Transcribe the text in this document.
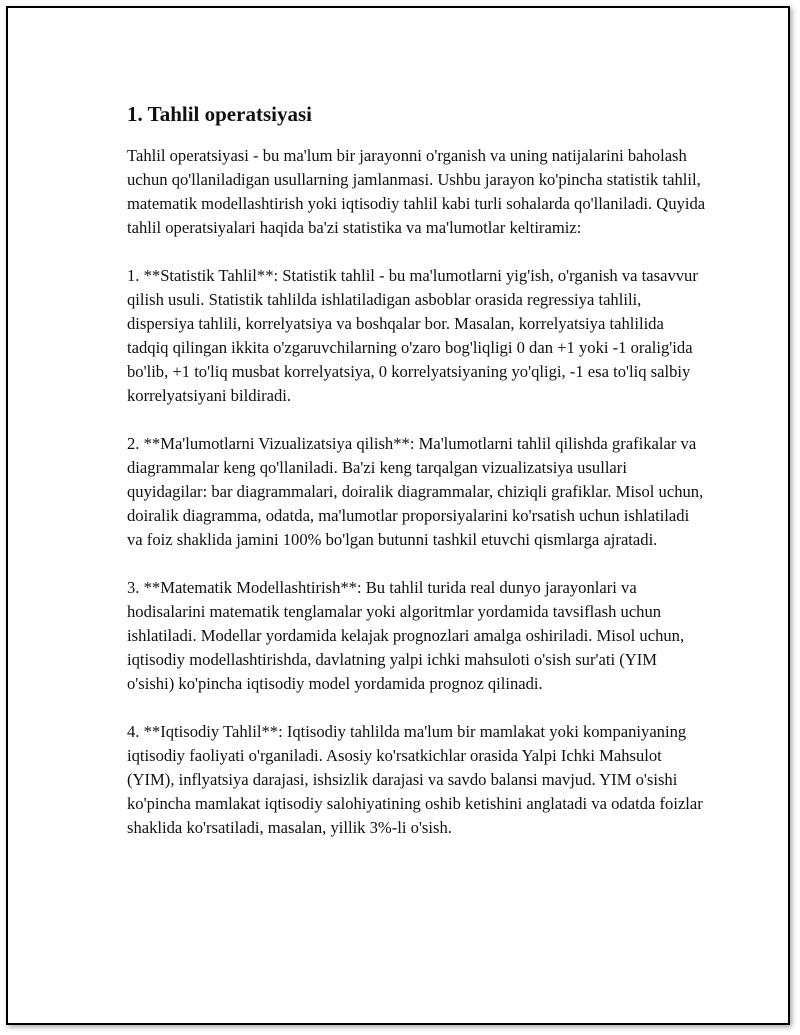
1. Tahlil operatsiyasi

Tahlil operatsiyasi - bu ma'lum bir jarayonni o'rganish va uning natijalarini baholash uchun qo'llaniladigan usullarning jamlanmasi. Ushbu jarayon ko'pincha statistik tahlil, matematik modellashtirish yoki iqtisodiy tahlil kabi turli sohalarda qo'llaniladi. Quyida tahlil operatsiyalari haqida ba'zi statistika va ma'lumotlar keltiramiz:

1. **Statistik Tahlil**: Statistik tahlil - bu ma'lumotlarni yig'ish, o'rganish va tasavvur qilish usuli. Statistik tahlilda ishlatiladigan asboblar orasida regressiya tahlili, dispersiya tahlili, korrelyatsiya va boshqalar bor. Masalan, korrelyatsiya tahlilida tadqiq qilingan ikkita o'zgaruvchilarning o'zaro bog'liqligi 0 dan +1 yoki -1 oralig'ida bo'lib, +1 to'liq musbat korrelyatsiya, 0 korrelyatsiyaning yo'qligi, -1 esa to'liq salbiy korrelyatsiyani bildiradi.

2. **Ma'lumotlarni Vizualizatsiya qilish**: Ma'lumotlarni tahlil qilishda grafikalar va diagrammalar keng qo'llaniladi. Ba'zi keng tarqalgan vizualizatsiya usullari quyidagilar: bar diagrammalari, doiralik diagrammalar, chiziqli grafiklar. Misol uchun, doiralik diagramma, odatda, ma'lumotlar proporsiyalarini ko'rsatish uchun ishlatiladi va foiz shaklida jamini 100% bo'lgan butunni tashkil etuvchi qismlarga ajratadi.

3. **Matematik Modellashtirish**: Bu tahlil turida real dunyo jarayonlari va hodisalarini matematik tenglamalar yoki algoritmlar yordamida tavsiflash uchun ishlatiladi. Modellar yordamida kelajak prognozlari amalga oshiriladi. Misol uchun, iqtisodiy modellashtirishda, davlatning yalpi ichki mahsuloti o'sish sur'ati (YIM o'sishi) ko'pincha iqtisodiy model yordamida prognoz qilinadi.

4. **Iqtisodiy Tahlil**: Iqtisodiy tahlilda ma'lum bir mamlakat yoki kompaniyaning iqtisodiy faoliyati o'rganiladi. Asosiy ko'rsatkichlar orasida Yalpi Ichki Mahsulot (YIM), inflyatsiya darajasi, ishsizlik darajasi va savdo balansi mavjud. YIM o'sishi ko'pincha mamlakat iqtisodiy salohiyatining oshib ketishini anglatadi va odatda foizlar shaklida ko'rsatiladi, masalan, yillik 3%-li o'sish.
